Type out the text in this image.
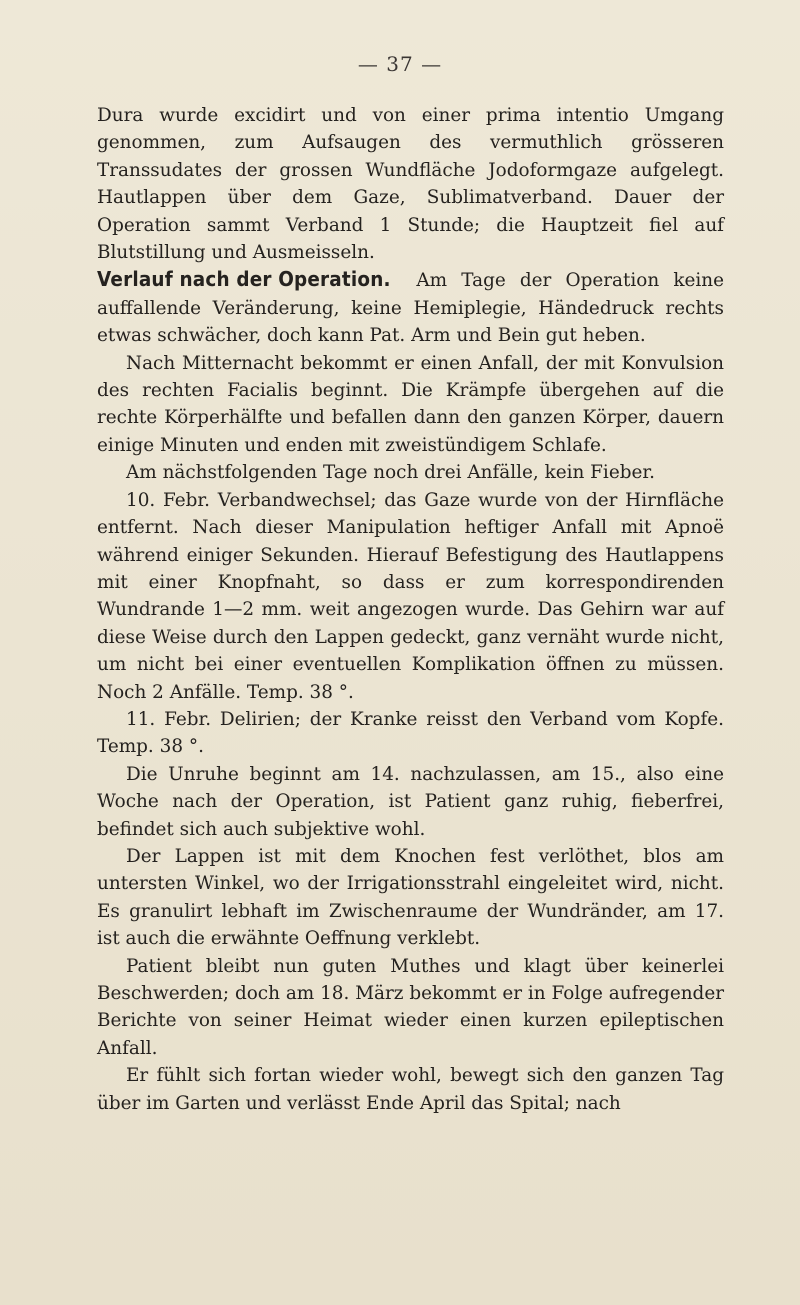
— 37 —

Dura wurde excidirt und von einer prima intentio Umgang genommen, zum Aufsaugen des vermuthlich grösseren Transsudates der grossen Wundfläche Jodoformgaze aufgelegt. Hautlappen über dem Gaze, Sublimatverband. Dauer der Operation sammt Verband 1 Stunde; die Hauptzeit fiel auf Blutstillung und Ausmeisseln.

Verlauf nach der Operation. Am Tage der Operation keine auffallende Veränderung, keine Hemiplegie, Händedruck rechts etwas schwächer, doch kann Pat. Arm und Bein gut heben.

Nach Mitternacht bekommt er einen Anfall, der mit Konvulsion des rechten Facialis beginnt. Die Krämpfe übergehen auf die rechte Körperhälfte und befallen dann den ganzen Körper, dauern einige Minuten und enden mit zweistündigem Schlafe.

Am nächstfolgenden Tage noch drei Anfälle, kein Fieber.

10. Febr. Verbandwechsel; das Gaze wurde von der Hirnfläche entfernt. Nach dieser Manipulation heftiger Anfall mit Apnoë während einiger Sekunden. Hierauf Befestigung des Hautlappens mit einer Knopfnaht, so dass er zum korrespondirenden Wundrande 1—2 mm. weit angezogen wurde. Das Gehirn war auf diese Weise durch den Lappen gedeckt, ganz vernäht wurde nicht, um nicht bei einer eventuellen Komplikation öffnen zu müssen. Noch 2 Anfälle. Temp. 38 °.

11. Febr. Delirien; der Kranke reisst den Verband vom Kopfe. Temp. 38 °.

Die Unruhe beginnt am 14. nachzulassen, am 15., also eine Woche nach der Operation, ist Patient ganz ruhig, fieberfrei, befindet sich auch subjektive wohl.

Der Lappen ist mit dem Knochen fest verlöthet, blos am untersten Winkel, wo der Irrigationsstrahl eingeleitet wird, nicht. Es granulirt lebhaft im Zwischenraume der Wundränder, am 17. ist auch die erwähnte Oeffnung verklebt.

Patient bleibt nun guten Muthes und klagt über keinerlei Beschwerden; doch am 18. März bekommt er in Folge aufregender Berichte von seiner Heimat wieder einen kurzen epileptischen Anfall.

Er fühlt sich fortan wieder wohl, bewegt sich den ganzen Tag über im Garten und verlässt Ende April das Spital; nach
